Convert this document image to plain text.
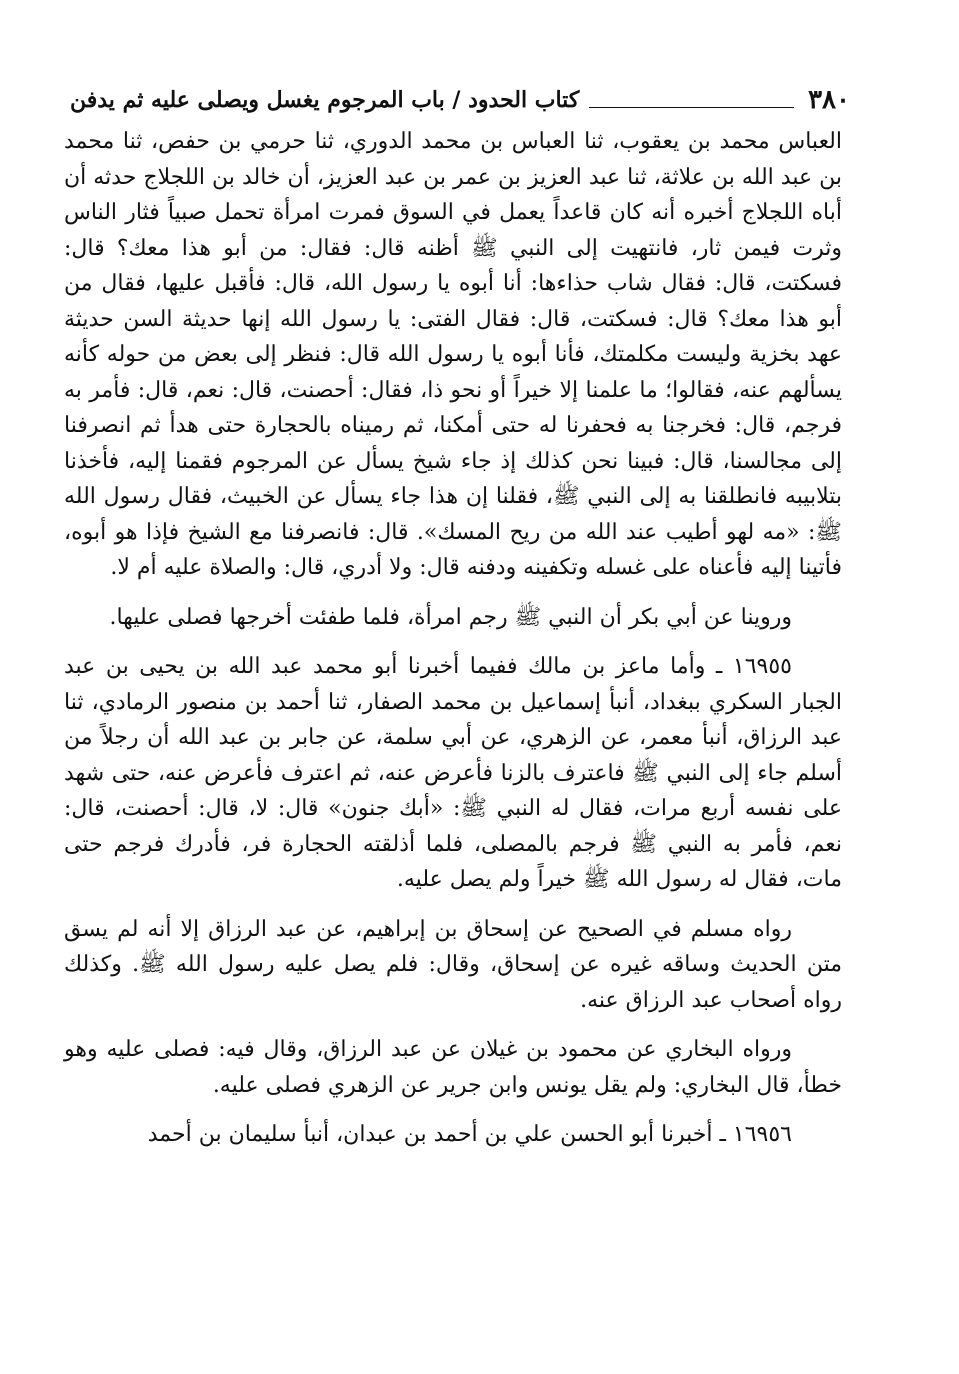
٣٨٠
كتاب الحدود / باب المرجوم يغسل ويصلى عليه ثم يدفن

العباس محمد بن يعقوب، ثنا العباس بن محمد الدوري، ثنا حرمي بن حفص، ثنا محمد بن عبد الله بن علاثة، ثنا عبد العزيز بن عمر بن عبد العزيز، أن خالد بن اللجلاج حدثه أن أباه اللجلاج أخبره أنه كان قاعداً يعمل في السوق فمرت امرأة تحمل صبياً فثار الناس وثرت فيمن ثار، فانتهيت إلى النبي ﷺ أظنه قال: فقال: من أبو هذا معك؟ قال: فسكتت، قال: فقال شاب حذاءها: أنا أبوه يا رسول الله، قال: فأقبل عليها، فقال من أبو هذا معك؟ قال: فسكتت، قال: فقال الفتى: يا رسول الله إنها حديثة السن حديثة عهد بخزية وليست مكلمتك، فأنا أبوه يا رسول الله قال: فنظر إلى بعض من حوله كأنه يسألهم عنه، فقالوا؛ ما علمنا إلا خيراً أو نحو ذا، فقال: أحصنت، قال: نعم، قال: فأمر به فرجم، قال: فخرجنا به فحفرنا له حتى أمكنا، ثم رميناه بالحجارة حتى هدأ ثم انصرفنا إلى مجالسنا، قال: فبينا نحن كذلك إذ جاء شيخ يسأل عن المرجوم فقمنا إليه، فأخذنا بتلابيبه فانطلقنا به إلى النبي ﷺ، فقلنا إن هذا جاء يسأل عن الخبيث، فقال رسول الله ﷺ: «مه لهو أطيب عند الله من ريح المسك». قال: فانصرفنا مع الشيخ فإذا هو أبوه، فأتينا إليه فأعناه على غسله وتكفينه ودفنه قال: ولا أدري، قال: والصلاة عليه أم لا.

وروينا عن أبي بكر أن النبي ﷺ رجم امرأة، فلما طفئت أخرجها فصلى عليها.

١٦٩٥٥ ـ وأما ماعز بن مالك ففيما أخبرنا أبو محمد عبد الله بن يحيى بن عبد الجبار السكري ببغداد، أنبأ إسماعيل بن محمد الصفار، ثنا أحمد بن منصور الرمادي، ثنا عبد الرزاق، أنبأ معمر، عن الزهري، عن أبي سلمة، عن جابر بن عبد الله أن رجلاً من أسلم جاء إلى النبي ﷺ فاعترف بالزنا فأعرض عنه، ثم اعترف فأعرض عنه، حتى شهد على نفسه أربع مرات، فقال له النبي ﷺ: «أبك جنون» قال: لا، قال: أحصنت، قال: نعم، فأمر به النبي ﷺ فرجم بالمصلى، فلما أذلقته الحجارة فر، فأدرك فرجم حتى مات، فقال له رسول الله ﷺ خيراً ولم يصل عليه.

رواه مسلم في الصحيح عن إسحاق بن إبراهيم، عن عبد الرزاق إلا أنه لم يسق متن الحديث وساقه غيره عن إسحاق، وقال: فلم يصل عليه رسول الله ﷺ. وكذلك رواه أصحاب عبد الرزاق عنه.

ورواه البخاري عن محمود بن غيلان عن عبد الرزاق، وقال فيه: فصلى عليه وهو خطأ، قال البخاري: ولم يقل يونس وابن جرير عن الزهري فصلى عليه.

١٦٩٥٦ ـ أخبرنا أبو الحسن علي بن أحمد بن عبدان، أنبأ سليمان بن أحمد
